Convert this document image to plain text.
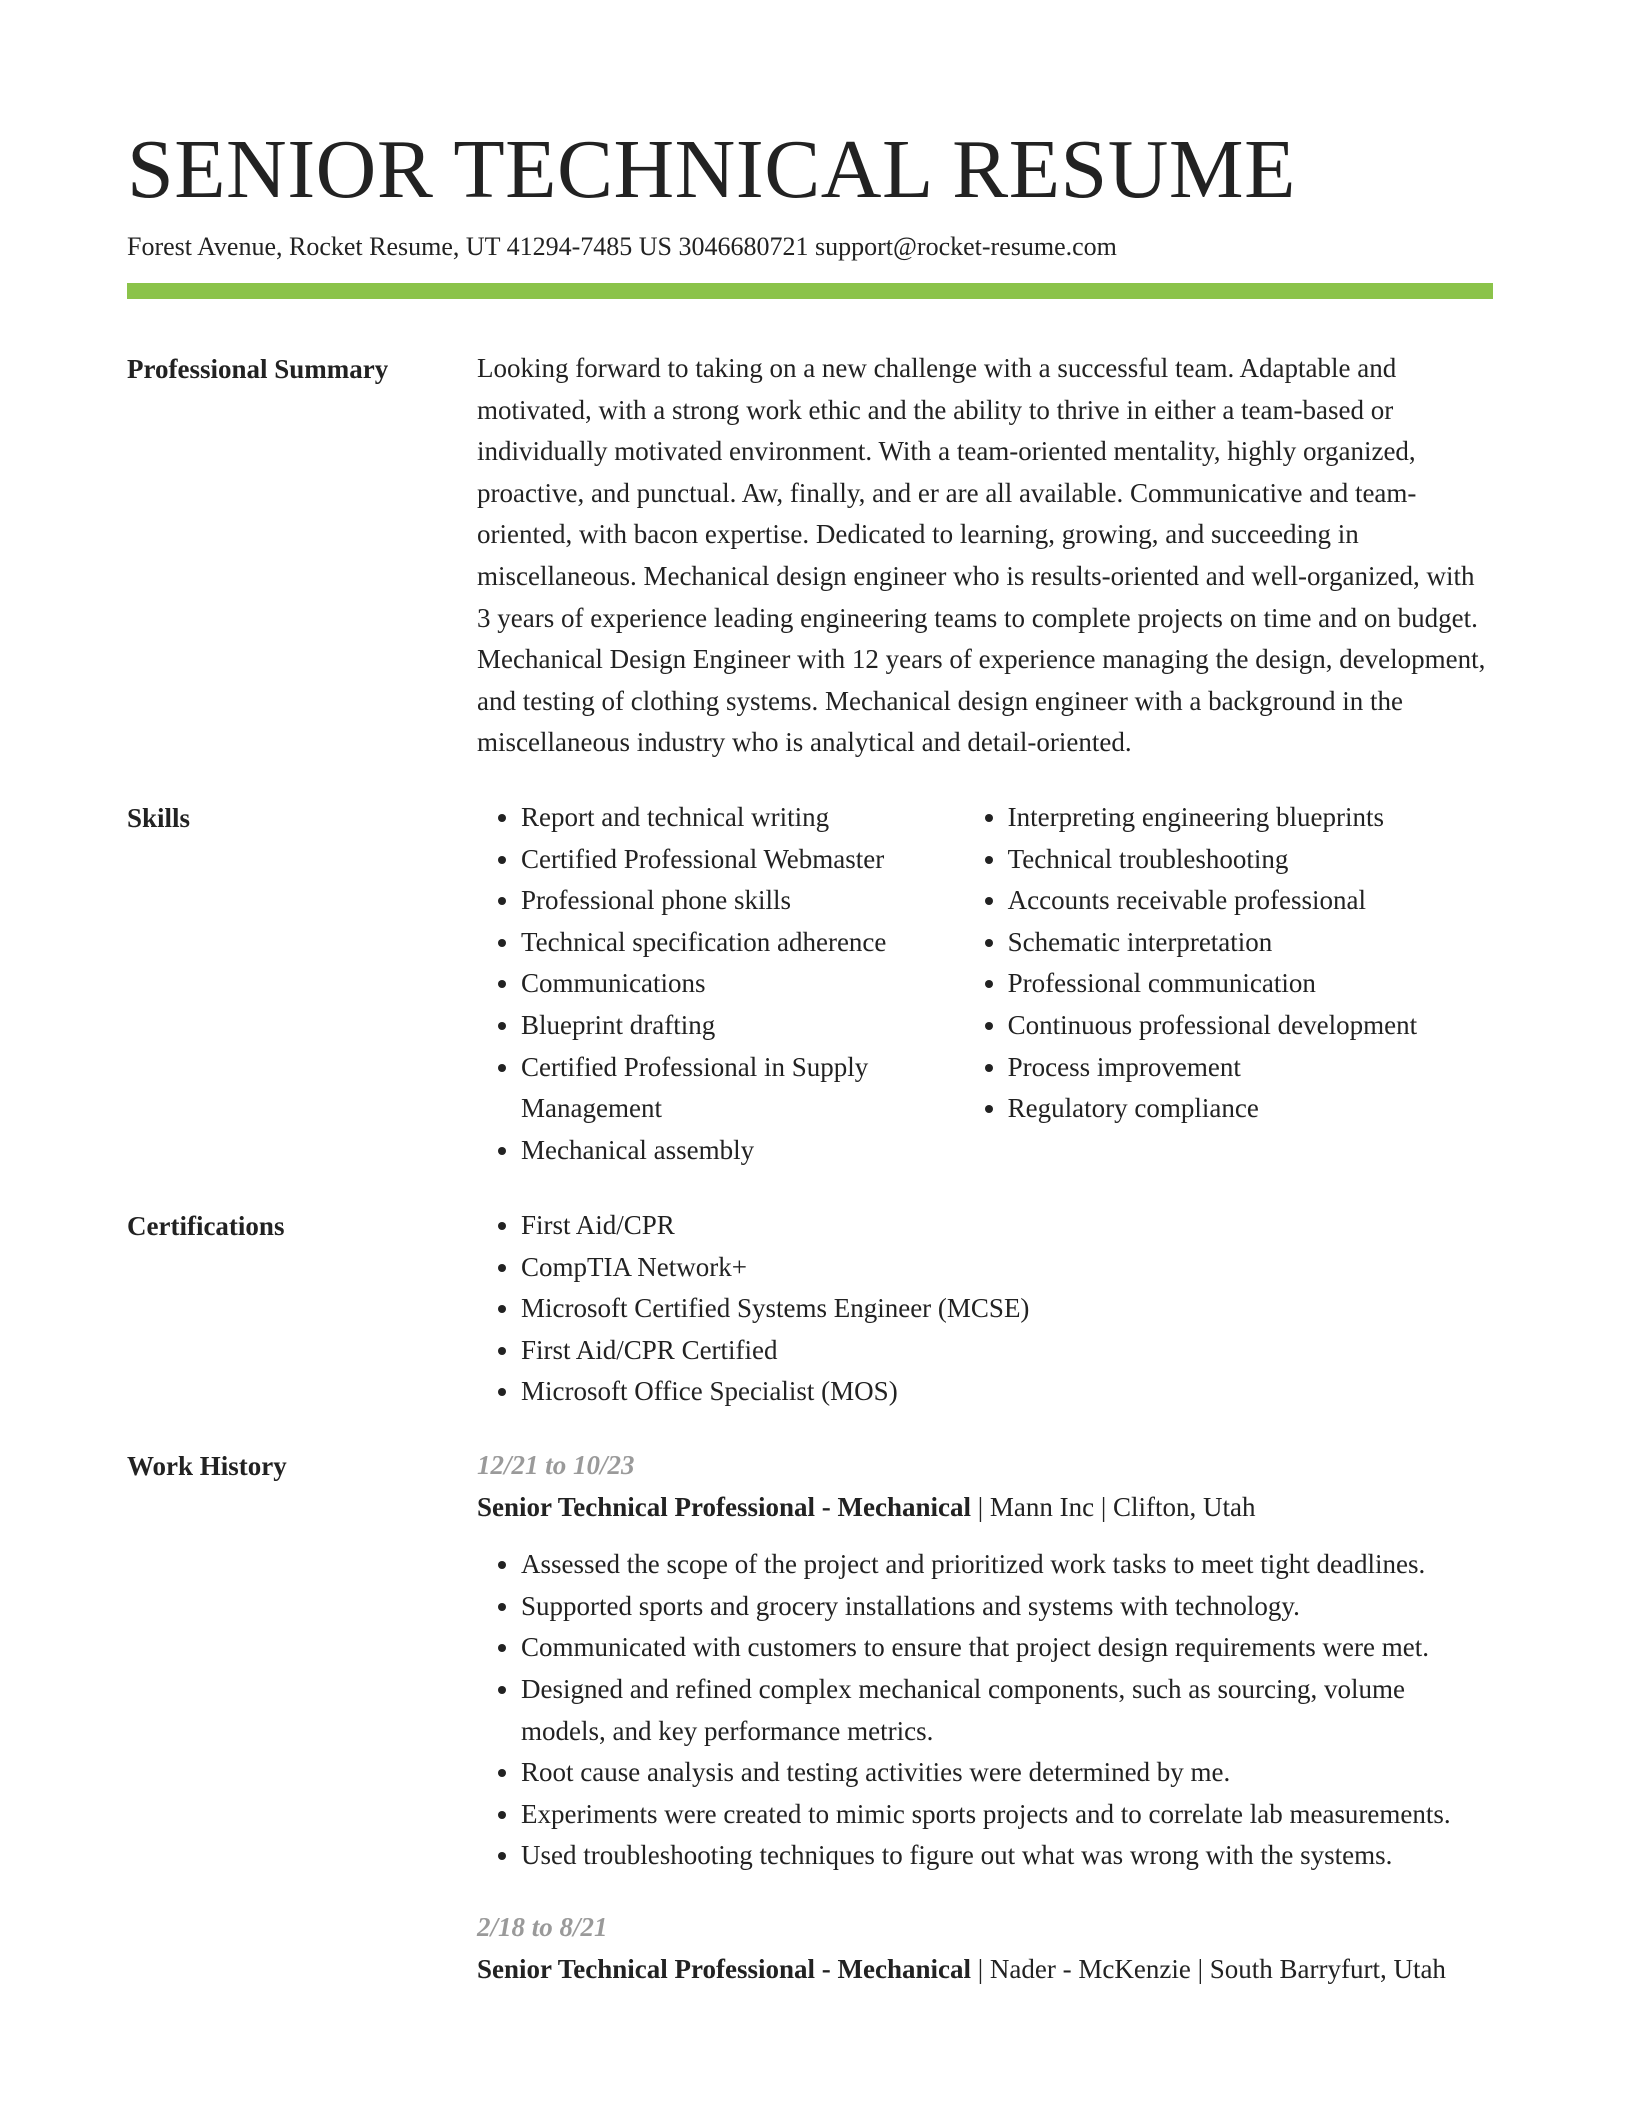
SENIOR TECHNICAL RESUME
Forest Avenue, Rocket Resume, UT 41294-7485 US 3046680721 support@rocket-resume.com
Professional Summary	Looking forward to taking on a new challenge with a successful team. Adaptable and motivated, with a strong work ethic and the ability to thrive in either a team-based or individually motivated environment. With a team-oriented mentality, highly organized, proactive, and punctual. Aw, finally, and er are all available. Communicative and team-oriented, with bacon expertise. Dedicated to learning, growing, and succeeding in miscellaneous. Mechanical design engineer who is results-oriented and well-organized, with 3 years of experience leading engineering teams to complete projects on time and on budget. Mechanical Design Engineer with 12 years of experience managing the design, development, and testing of clothing systems. Mechanical design engineer with a background in the miscellaneous industry who is analytical and detail-oriented.

Skills	• Report and technical writing
• Certified Professional Webmaster
• Professional phone skills
• Technical specification adherence
• Communications
• Blueprint drafting
• Certified Professional in Supply Management
• Mechanical assembly
• Interpreting engineering blueprints
• Technical troubleshooting
• Accounts receivable professional
• Schematic interpretation
• Professional communication
• Continuous professional development
• Process improvement
• Regulatory compliance
Certifications	• First Aid/CPR
• CompTIA Network+
• Microsoft Certified Systems Engineer (MCSE)
• First Aid/CPR Certified
• Microsoft Office Specialist (MOS)
Work History	12/21 to 10/23

Senior Technical Professional - Mechanical | Mann Inc | Clifton, Utah

• Assessed the scope of the project and prioritized work tasks to meet tight deadlines.
• Supported sports and grocery installations and systems with technology.
• Communicated with customers to ensure that project design requirements were met.
• Designed and refined complex mechanical components, such as sourcing, volume models, and key performance metrics.
• Root cause analysis and testing activities were determined by me.
• Experiments were created to mimic sports projects and to correlate lab measurements.
• Used troubleshooting techniques to figure out what was wrong with the systems.
2/18 to 8/21

Senior Technical Professional - Mechanical | Nader - McKenzie | South Barryfurt, Utah
